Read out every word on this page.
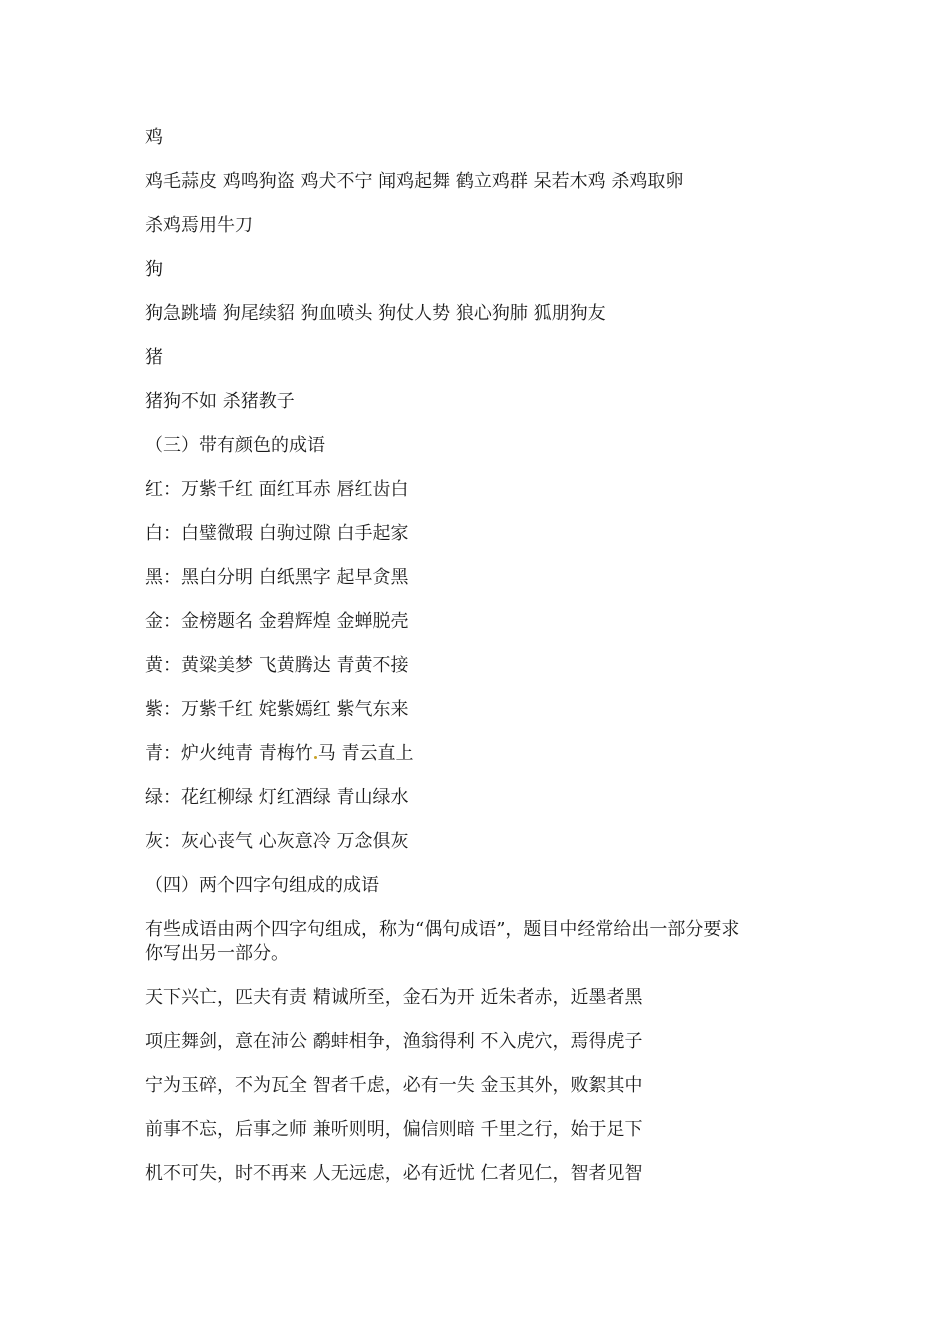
鸡
鸡毛蒜皮 鸡鸣狗盗 鸡犬不宁 闻鸡起舞 鹤立鸡群 呆若木鸡 杀鸡取卵
杀鸡焉用牛刀
狗
狗急跳墙 狗尾续貂 狗血喷头 狗仗人势 狼心狗肺 狐朋狗友
猪
猪狗不如 杀猪教子
（三）带有颜色的成语
红：万紫千红 面红耳赤 唇红齿白
白：白璧微瑕 白驹过隙 白手起家
黑：黑白分明 白纸黑字 起早贪黑
金：金榜题名 金碧辉煌 金蝉脱壳
黄：黄粱美梦 飞黄腾达 青黄不接
紫：万紫千红 姹紫嫣红 紫气东来
青：炉火纯青 青梅竹 马 青云直上
绿：花红柳绿 灯红酒绿 青山绿水
灰：灰心丧气 心灰意冷 万念俱灰
（四）两个四字句组成的成语
有些成语由两个四字句组成，称为“偶句成语”，题目中经常给出一部分要求
你写出另一部分。
天下兴亡，匹夫有责 精诚所至，金石为开 近朱者赤，近墨者黑
项庄舞剑，意在沛公 鹬蚌相争，渔翁得利 不入虎穴，焉得虎子
宁为玉碎，不为瓦全 智者千虑，必有一失 金玉其外，败絮其中
前事不忘，后事之师 兼听则明，偏信则暗 千里之行，始于足下
机不可失，时不再来 人无远虑，必有近忧 仁者见仁，智者见智
